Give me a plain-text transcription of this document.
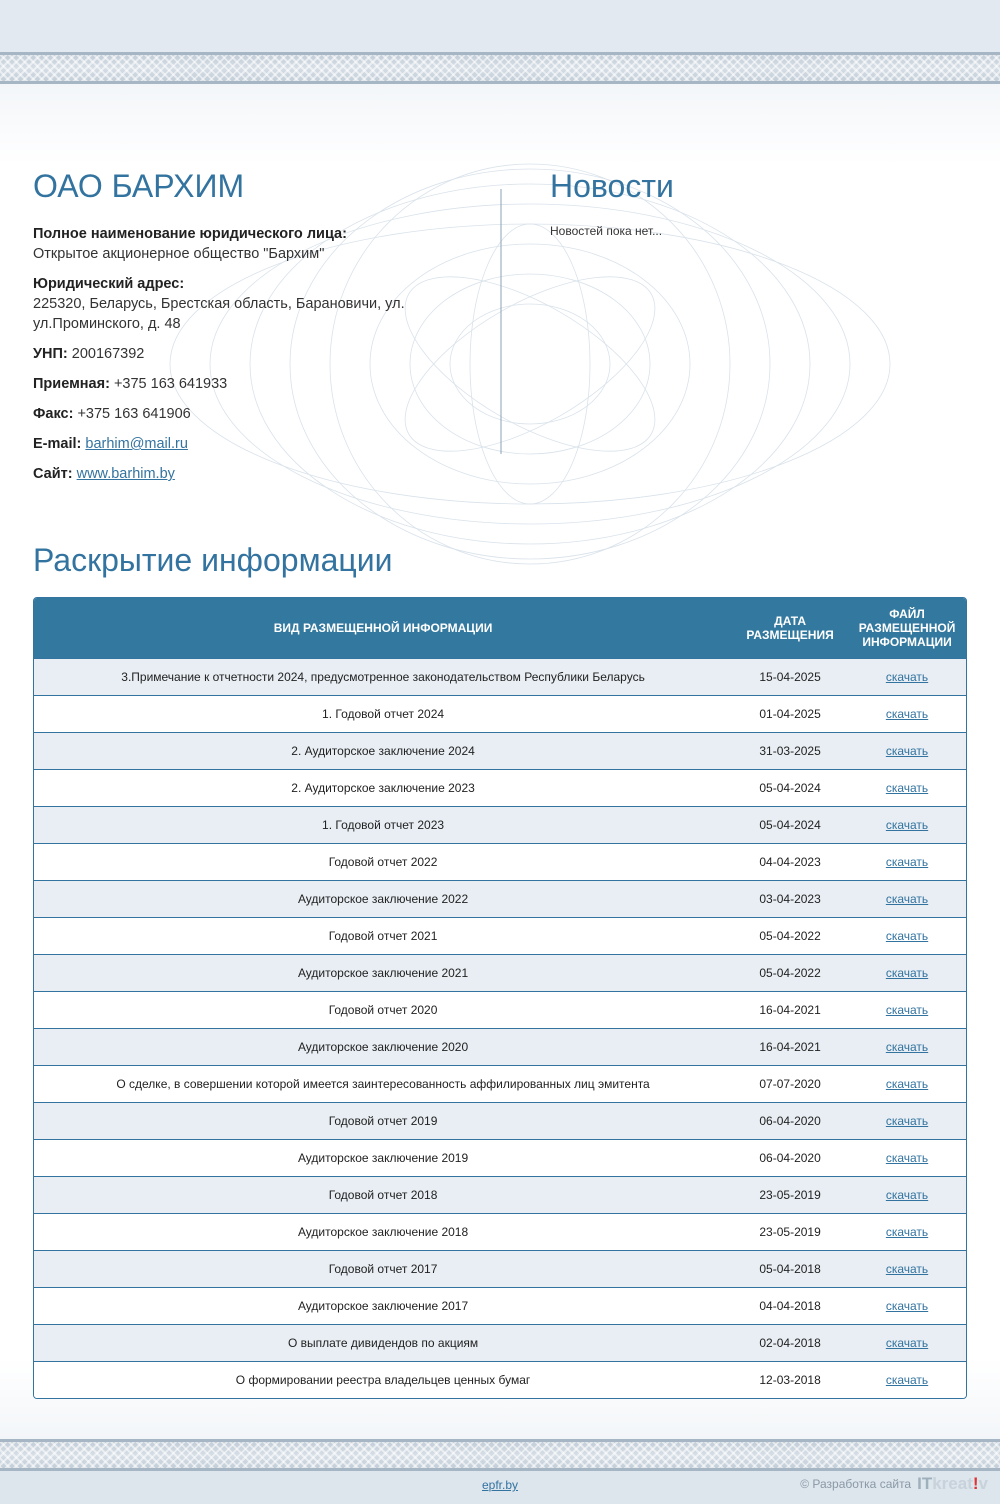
ОАО БАРХИМ
Полное наименование юридического лица:
Открытое акционерное общество "Бархим"
Юридический адрес:
225320, Беларусь, Брестская область, Барановичи, ул. ул.Проминского, д. 48
УНП: 200167392
Приемная: +375 163 641933
Факс: +375 163 641906
E-mail: barhim@mail.ru
Сайт: www.barhim.by
Новости
Новостей пока нет...
Раскрытие информации
ВИД РАЗМЕЩЕННОЙ ИНФОРМАЦИИ	ДАТА РАЗМЕЩЕНИЯ	ФАЙЛ РАЗМЕЩЕННОЙ ИНФОРМАЦИИ
3.Примечание к отчетности 2024, предусмотренное законодательством Республики Беларусь	15-04-2025	скачать
1. Годовой отчет 2024	01-04-2025	скачать
2. Аудиторское заключение 2024	31-03-2025	скачать
2. Аудиторское заключение 2023	05-04-2024	скачать
1. Годовой отчет 2023	05-04-2024	скачать
Годовой отчет 2022	04-04-2023	скачать
Аудиторское заключение 2022	03-04-2023	скачать
Годовой отчет 2021	05-04-2022	скачать
Аудиторское заключение 2021	05-04-2022	скачать
Годовой отчет 2020	16-04-2021	скачать
Аудиторское заключение 2020	16-04-2021	скачать
О сделке, в совершении которой имеется заинтересованность аффилированных лиц эмитента	07-07-2020	скачать
Годовой отчет 2019	06-04-2020	скачать
Аудиторское заключение 2019	06-04-2020	скачать
Годовой отчет 2018	23-05-2019	скачать
Аудиторское заключение 2018	23-05-2019	скачать
Годовой отчет 2017	05-04-2018	скачать
Аудиторское заключение 2017	04-04-2018	скачать
О выплате дивидендов по акциям	02-04-2018	скачать
О формировании реестра владельцев ценных бумаг	12-03-2018	скачать
epfr.by	© Разработка сайта ITkreat!v
